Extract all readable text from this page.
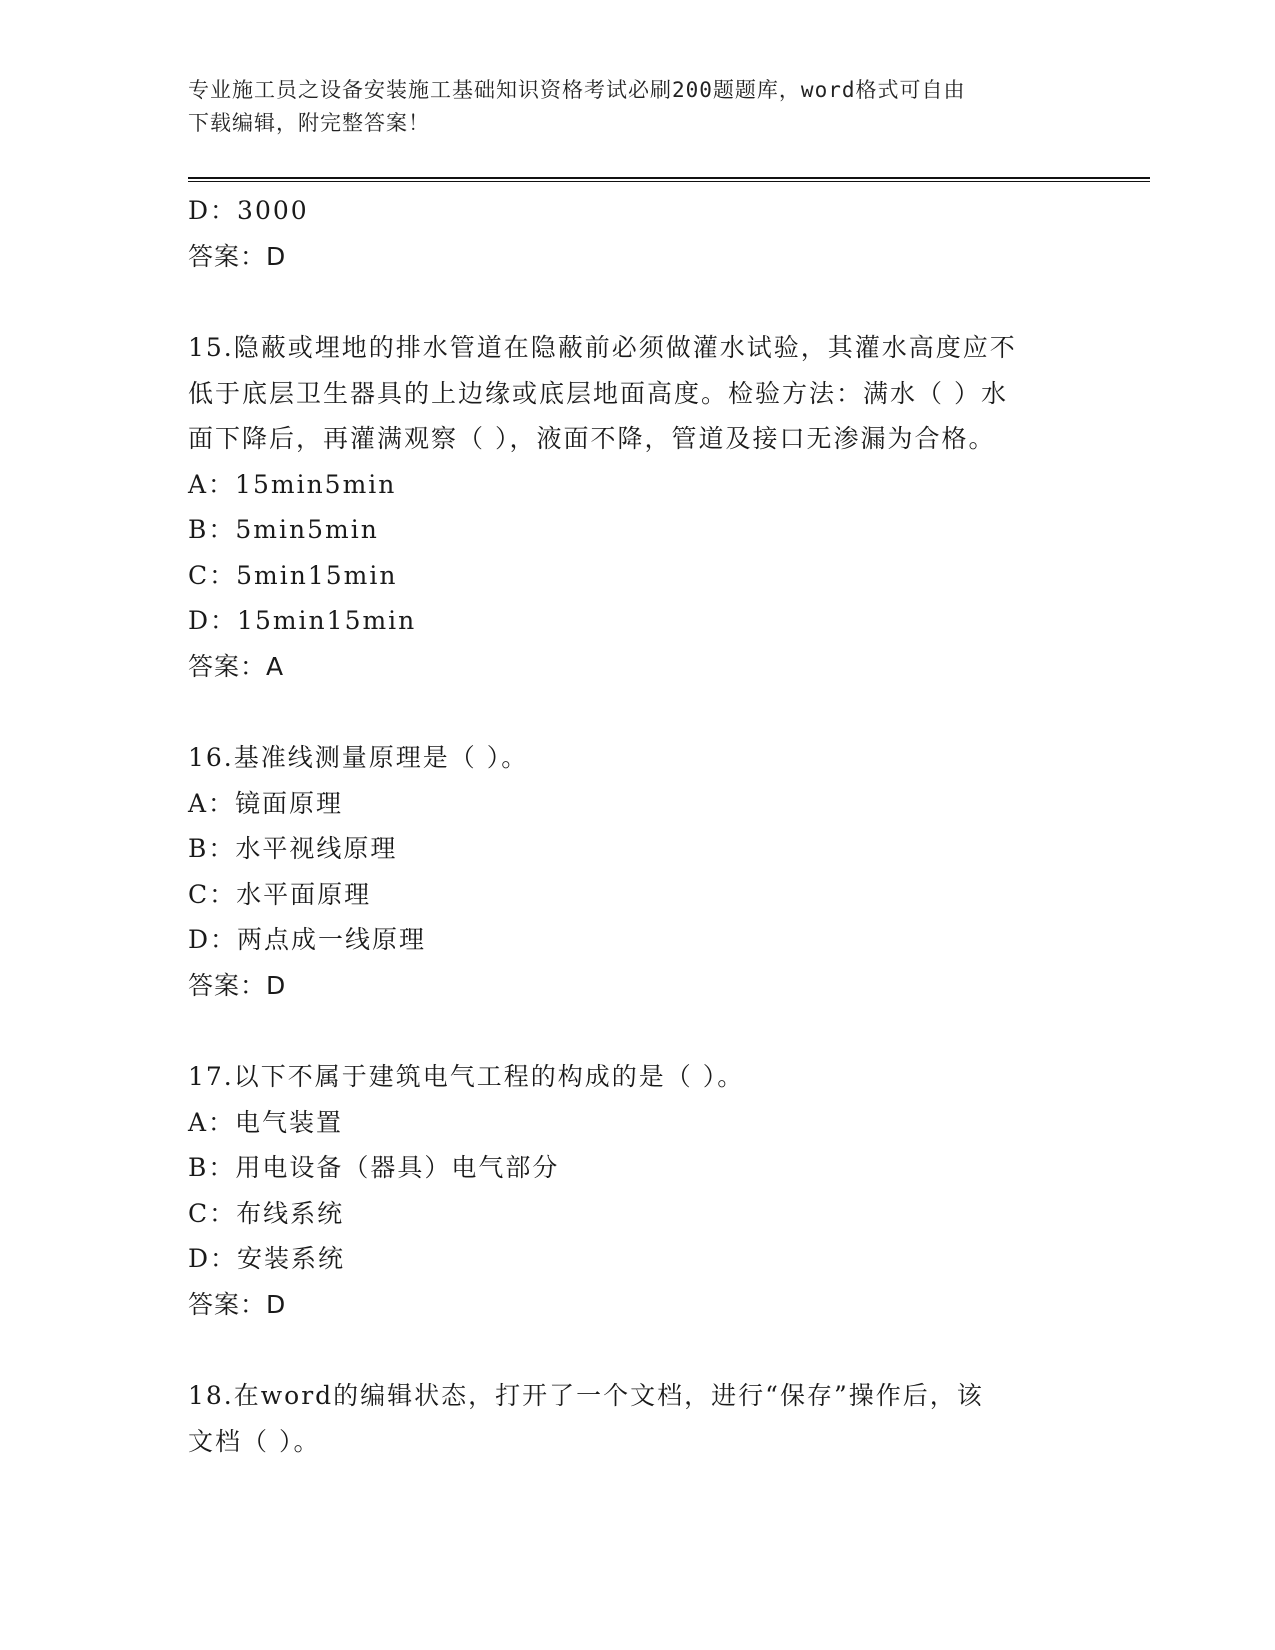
专业施工员之设备安装施工基础知识资格考试必刷200题题库，word格式可自由
下载编辑，附完整答案！
D：3000
答案：D
15.隐蔽或埋地的排水管道在隐蔽前必须做灌水试验，其灌水高度应不
低于底层卫生器具的上边缘或底层地面高度。检验方法：满水（ ）水
面下降后，再灌满观察（ ），液面不降，管道及接口无渗漏为合格。
A：15min5min
B：5min5min
C：5min15min
D：15min15min
答案：A
16.基准线测量原理是（ ）。
A：镜面原理
B：水平视线原理
C：水平面原理
D：两点成一线原理
答案：D
17.以下不属于建筑电气工程的构成的是（ ）。
A：电气装置
B：用电设备（器具）电气部分
C：布线系统
D：安装系统
答案：D
18.在word的编辑状态，打开了一个文档，进行“保存”操作后，该
文档（ ）。
